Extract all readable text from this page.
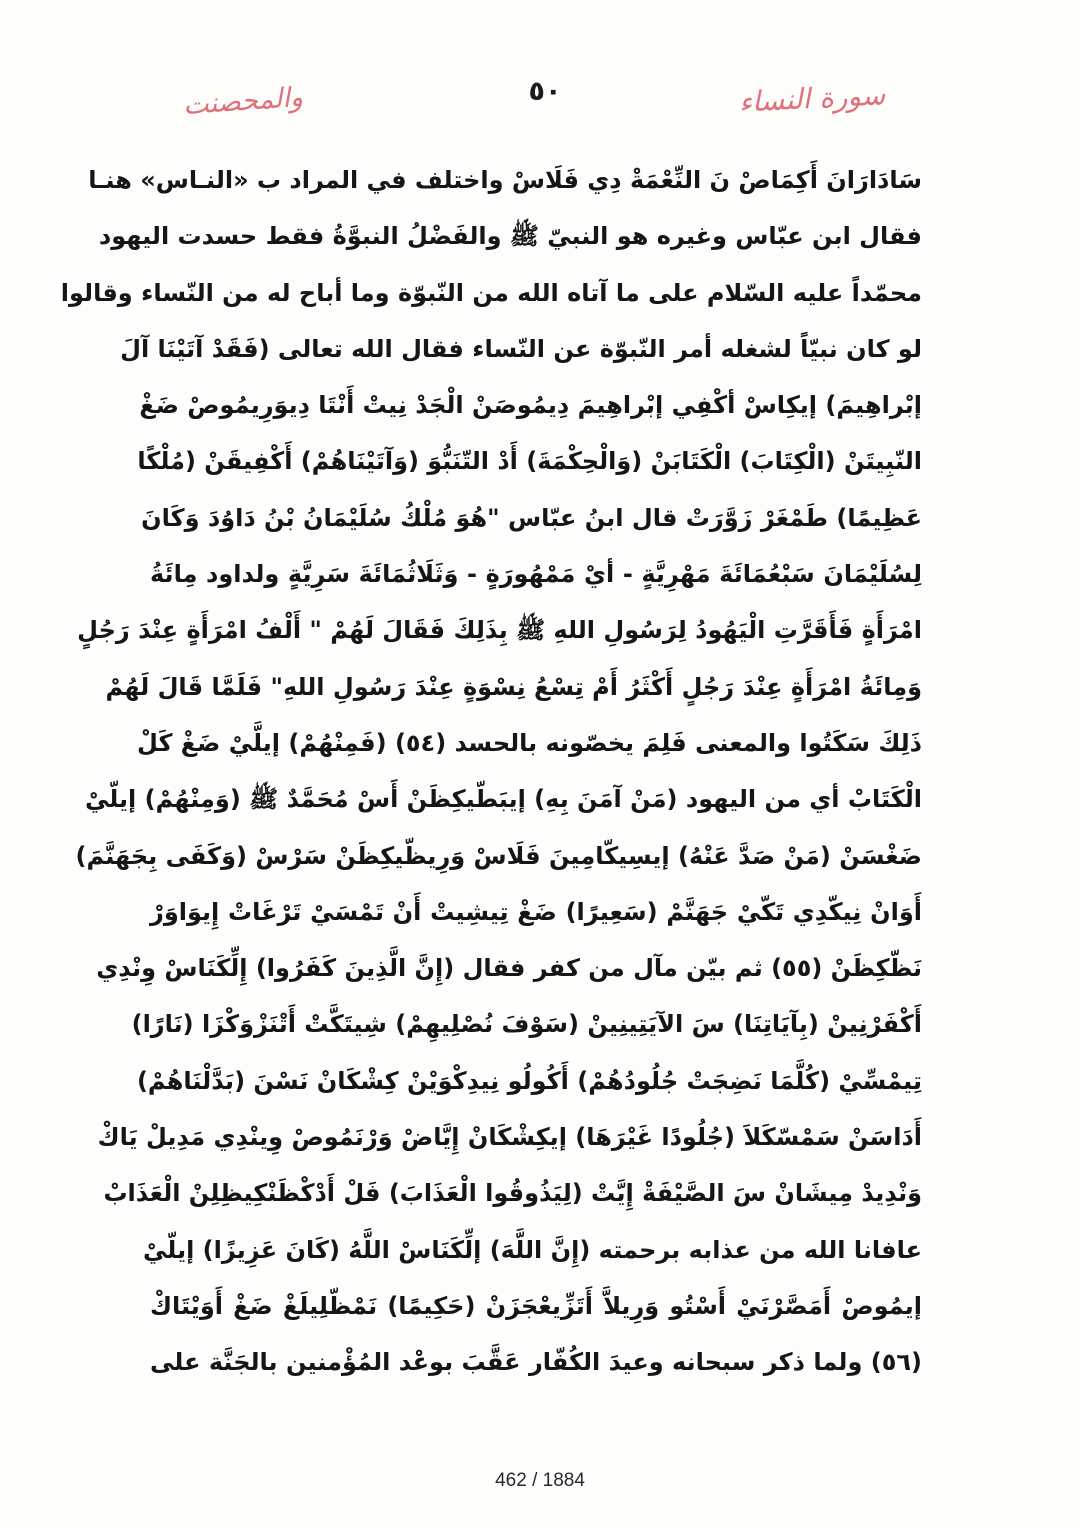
والمحصنت	٥٠	سورة النساء
سَادَارَانَ أَكِمَاصْ نَ النِّعْمَةْ دِي فَلَاسْ واختلف في المراد ب «النـاس» هنـا
فقال ابن عبّاس وغيره هو النبيّ ﷺ والفَضْلُ النبوَّةُ فقط حسدت اليهود
محمّداً عليه السّلام على ما آتاه الله من النّبوّة وما أباح له من النّساء وقالوا
لو كان نبيّاً لشغله أمر النّبوّة عن النّساء فقال الله تعالى (فَقَدْ آتَيْنَا آلَ
إبْراهِيمَ) إيكِاسْ أكْفِي إبْراهِيمَ دِيمُوصَنْ الْجَدْ نِيتْ أَنْتَا دِيوَرِيمُوصْ ضَغْ
النّبِيتَنْ (الْكِتَابَ) الْكَتَابَنْ (وَالْحِكْمَةَ) أَدْ التّنَبُّوَ (وَآتَيْنَاهُمْ) أَكْفِيقَنْ (مُلْكًا
عَظِيمًا) طَمْغَرْ زَوَّرَتْ قال ابنُ عبّاس "هُوَ مُلْكُ سُلَيْمَانُ بْنُ دَاوُدَ وَكَانَ
لِسُلَيْمَانَ سَبْعُمَائَةَ مَهْرِيَّةٍ - أيْ مَمْهُورَةٍ - وَثَلَاثُمَائَةَ سَرِيَّةٍ ولداود مِائَةُ
امْرَأَةٍ فَأَقَرَّتِ الْيَهُودُ لِرَسُولِ اللهِ ﷺ بِذَلِكَ فَقَالَ لَهُمْ " أَلْفُ امْرَأَةٍ عِنْدَ رَجُلٍ
وَمِائَةُ امْرَأَةٍ عِنْدَ رَجُلٍ أَكْثَرُ أَمْ تِسْعُ نِسْوَةٍ عِنْدَ رَسُولِ اللهِ" فَلَمَّا قَالَ لَهُمْ
ذَلِكَ سَكَتُوا والمعنى فَلِمَ يخصّونه بالحسد (٥٤) (فَمِنْهُمْ) إيلَّيْ ضَغْ كَلْ
الْكَتَابْ أي من اليهود (مَنْ آمَنَ بِهِ) إيبَطّيكِظَنْ أَسْ مُحَمَّدٌ ﷺ (وَمِنْهُمْ) إيلّيْ
ضَغْسَنْ (مَنْ صَدَّ عَنْهُ) إيسِيكّامِينَ فَلَاسْ وَرِيظّيكِظَنْ سَرْسْ (وَكَفَى بِجَهَنَّمَ)
أَوَانْ نِيكّدِي تَكّيْ جَهَنَّمْ (سَعِيرًا) ضَغْ تِيشِيتْ أَنْ تَمْسَيْ تَرْغَاتْ إِيوَاوَرْ
نَظّكِظَنْ (٥٥) ثم بيّن مآل من كفر فقال (إِنَّ الَّذِينَ كَفَرُوا) إِلِّكَنَاسْ وِنْدِي
أَكْفَرْنِينْ (بِآيَاتِنَا) سَ الآيَتِينِينْ (سَوْفَ نُصْلِيهِمْ) شِيتَكَّتْ أَتْنَزْوَكْزَا (نَارًا)
تِيمْسِّيْ (كُلَّمَا نَضِجَتْ جُلُودُهُمْ) أَكُولُو نِيدِكْوَيْنْ كِشْكَانْ نَسْنَ (بَدَّلْنَاهُمْ)
أَدَاسَنْ سَمْسّكَلاَ (جُلُودًا غَيْرَهَا) إيكِشْكَانْ إِيَّاضْ وَرْنَمُوصْ وِينْدِي مَدِيلْ يَاكْ
وَنْدِيدْ مِيشَانْ سَ الصَّيْفَةْ إِيَّتْ (لِيَذُوقُوا الْعَذَابَ) فَلْ أَدْكْظَنْكِيظِلِنْ الْعَذَابْ
عافانا الله من عذابه برحمته (إِنَّ اللَّهَ) إلِّكَنَاسْ اللَّهُ (كَانَ عَزِيزًا) إيلّيْ
إيمُوصْ أَمَصَّرْنَيْ أَسْتُو وَرِيلاَّ أَتَزِّيعْجَزَنْ (حَكِيمًا) نَمْظّلِيلَغْ ضَغْ أَوَيْتَاكْ
(٥٦) ولما ذكر سبحانه وعيدَ الكُفّار عَقَّبَ بوعْد المُؤْمنين بالجَنَّة على
462 / 1884
